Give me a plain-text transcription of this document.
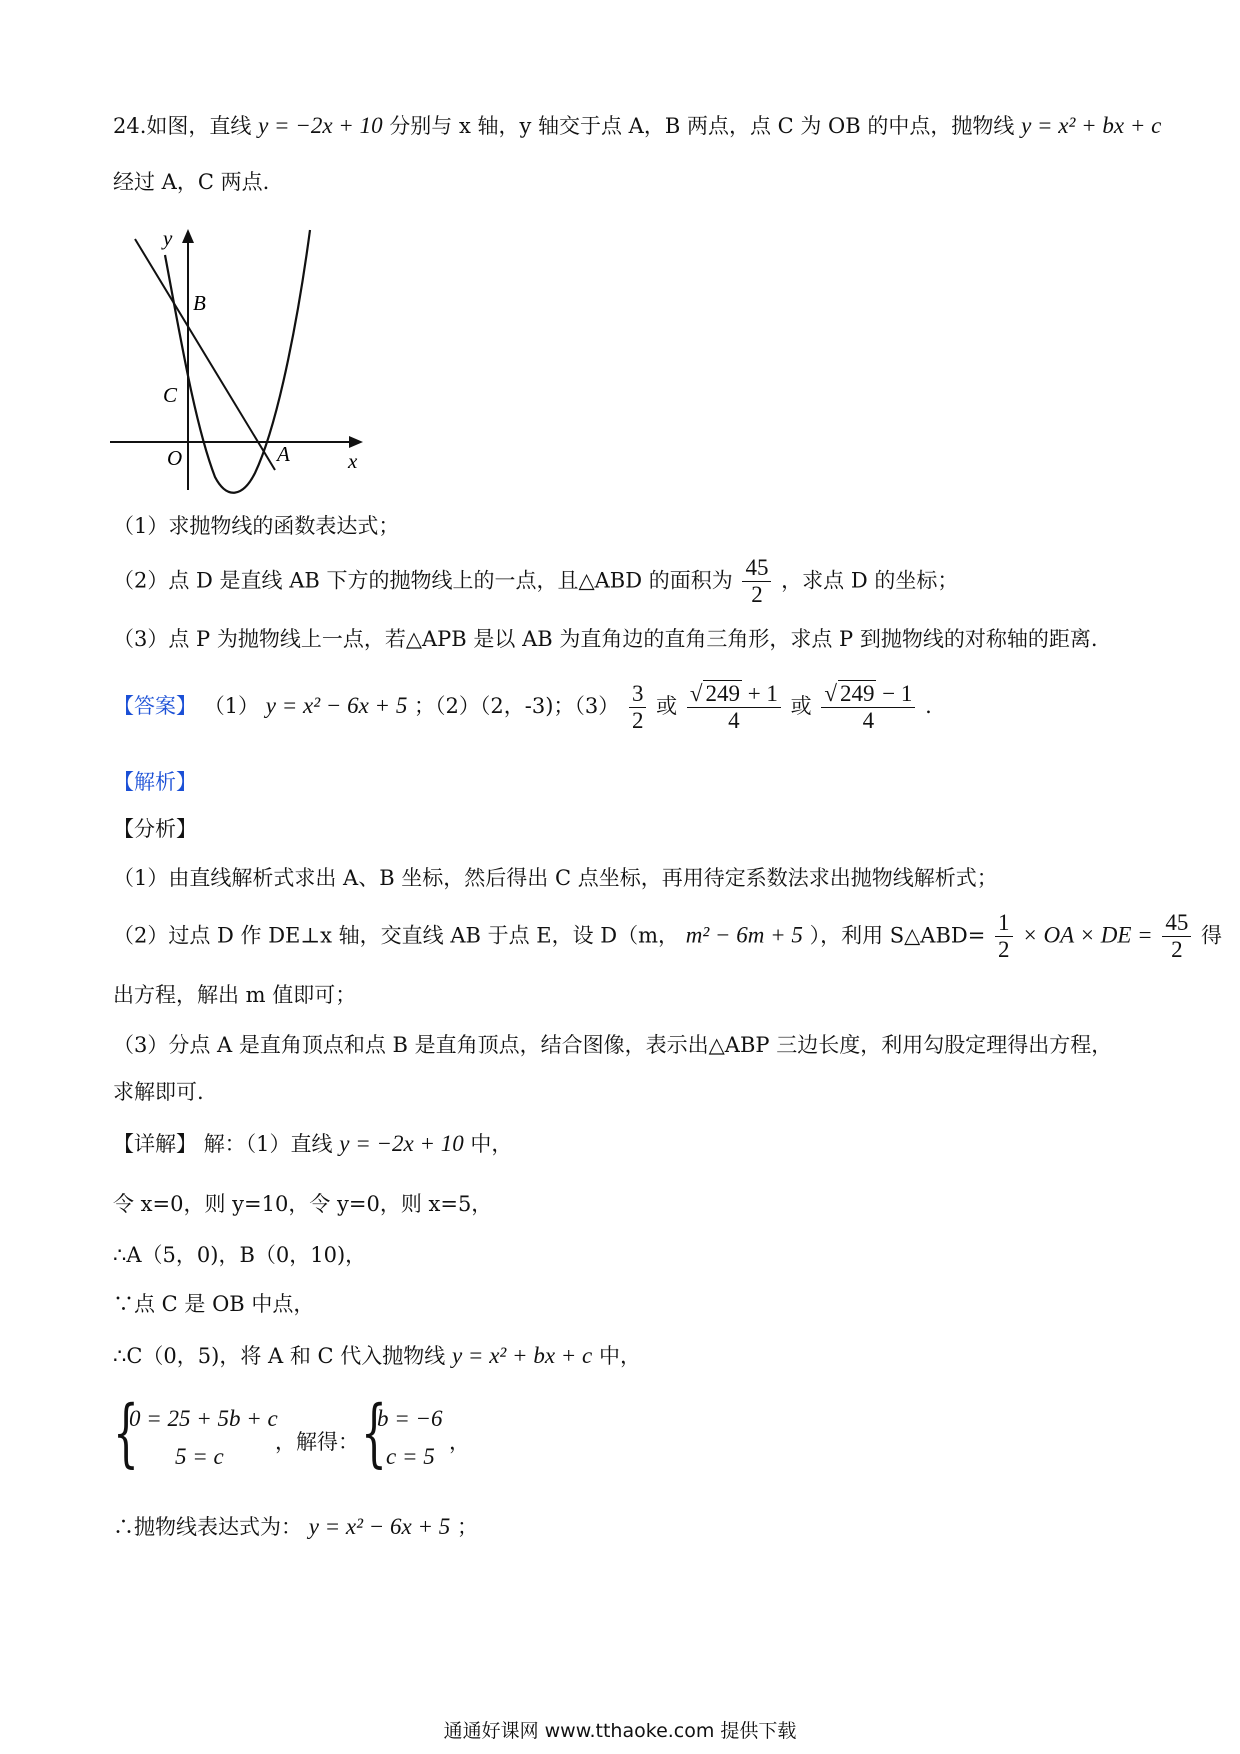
24.如图，直线 y = −2x + 10 分别与 x 轴，y 轴交于点 A，B 两点，点 C 为 OB 的中点，抛物线 y = x² + bx + c
经过 A，C 两点.
y
B
C
O	A	x
（1）求抛物线的函数表达式；
（2）点 D 是直线 AB 下方的抛物线上的一点，且△ABD 的面积为 $\frac{45}{2}$ ，求点 D 的坐标；
（3）点 P 为抛物线上一点，若△APB 是以 AB 为直角边的直角三角形，求点 P 到抛物线的对称轴的距离.
【答案】 （1） y = x² − 6x + 5 ；（2）（2，-3)；$(3) \frac{3}{2}$ 或 $\frac{√ 249 + 1}{4}$ 或 $\frac{√ 249 - 1}{4}$ .
【解析】
【分析】
（1）由直线解析式求出 A、B 坐标，然后得出 C 点坐标，再用待定系数法求出抛物线解析式；
（2）过点 D 作 DE⊥x 轴，交直线 AB 于点 E，设 D（m， m² − 6m + 5 ），利用 S△ABD= $\frac{1}{2}$ × OA × DE = $\frac{45}{2}$ 得
出方程，解出 m 值即可；
（3）分点 A 是直角顶点和点 B 是直角顶点，结合图像，表示出△ABP 三边长度，利用勾股定理得出方程，
求解即可.
【详解】 解：（1）直线 y = −2x + 10 中，
令 x=0，则 y=10，令 y=0，则 x=5，
∴A（5，0)，B（0，10)，
∵点 C 是 OB 中点，
∴C（0，5)，将 A 和 C 代入抛物线 y = x² + bx + c 中，
{
0 = 25 + 5b + c
5 = c
，解得： {
b = −6
c = 5
，
∴抛物线表达式为： y = x² − 6x + 5 ；
通通好课网 www.tthaoke.com 提供下载
